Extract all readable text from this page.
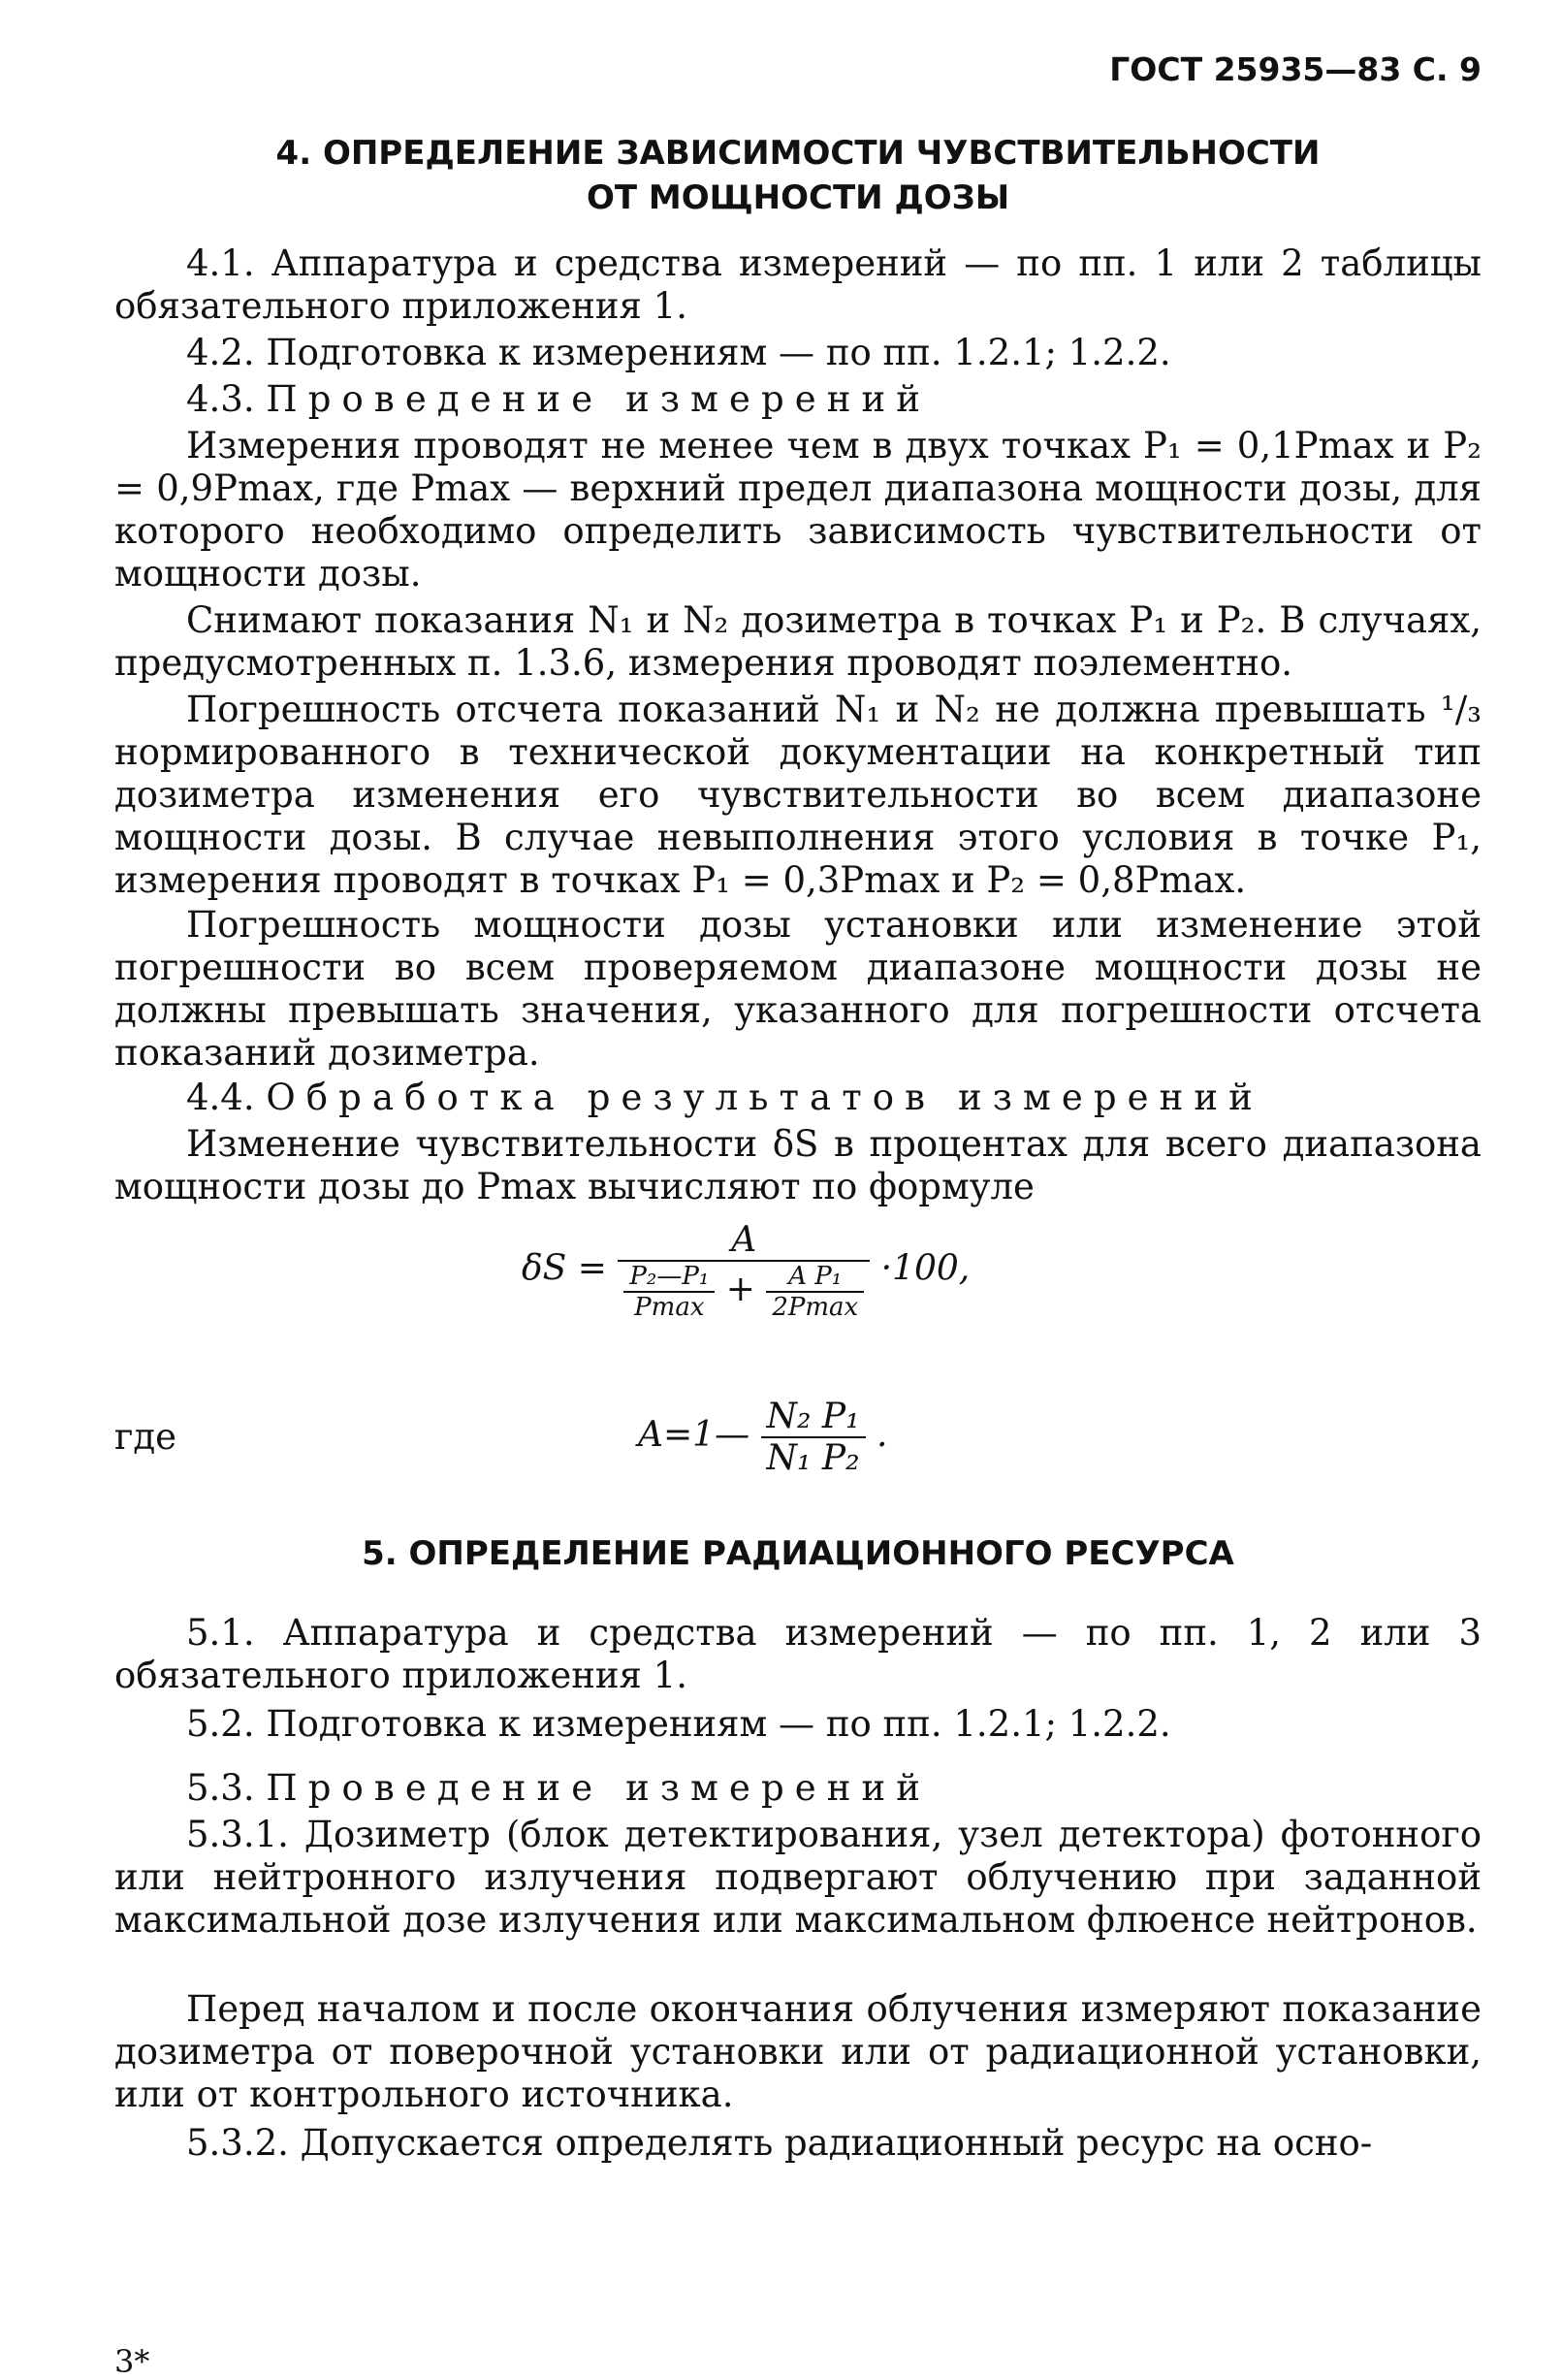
ГОСТ 25935—83 С. 9

4. ОПРЕДЕЛЕНИЕ ЗАВИСИМОСТИ ЧУВСТВИТЕЛЬНОСТИ

ОТ МОЩНОСТИ ДОЗЫ

4.1. Аппаратура и средства измерений — по пп. 1 или 2 таблицы обязательного приложения 1.

4.2. Подготовка к измерениям — по пп. 1.2.1; 1.2.2.

4.3. Проведение измерений

Измерения проводят не менее чем в двух точках P₁ = 0,1Pmax и P₂ = 0,9Pmax, где Pmax — верхний предел диапазона мощности дозы, для которого необходимо определить зависимость чувствительности от мощности дозы.

Снимают показания N₁ и N₂ дозиметра в точках P₁ и P₂. В случаях, предусмотренных п. 1.3.6, измерения проводят поэлементно.

Погрешность отсчета показаний N₁ и N₂ не должна превышать ¹/₃ нормированного в технической документации на конкретный тип дозиметра изменения его чувствительности во всем диапазоне мощности дозы. В случае невыполнения этого условия в точке P₁, измерения проводят в точках P₁ = 0,3Pmax и P₂ = 0,8Pmax.

Погрешность мощности дозы установки или изменение этой погрешности во всем проверяемом диапазоне мощности дозы не должны превышать значения, указанного для погрешности отсчета показаний дозиметра.

4.4. Обработка результатов измерений

Изменение чувствительности δS в процентах для всего диапазона мощности дозы до Pmax вычисляют по формуле

δS =
A
$\frac{\text{P₂—P₁}}{Pmax} + \frac{\text{A P₁}}{2Pmax} \cdot 100$,
где	A=1— $\frac{\text{N₂ P₁}}{\text{N₁ P₂}}$ .

5. ОПРЕДЕЛЕНИЕ РАДИАЦИОННОГО РЕСУРСА

5.1. Аппаратура и средства измерений — по пп. 1, 2 или 3 обязательного приложения 1.

5.2. Подготовка к измерениям — по пп. 1.2.1; 1.2.2.

5.3. Проведение измерений

5.3.1. Дозиметр (блок детектирования, узел детектора) фотонного или нейтронного излучения подвергают облучению при заданной максимальной дозе излучения или максимальном флюенсе нейтронов.

Перед началом и после окончания облучения измеряют показание дозиметра от поверочной установки или от радиационной установки, или от контрольного источника.

5.3.2. Допускается определять радиационный ресурс на осно-

3*
